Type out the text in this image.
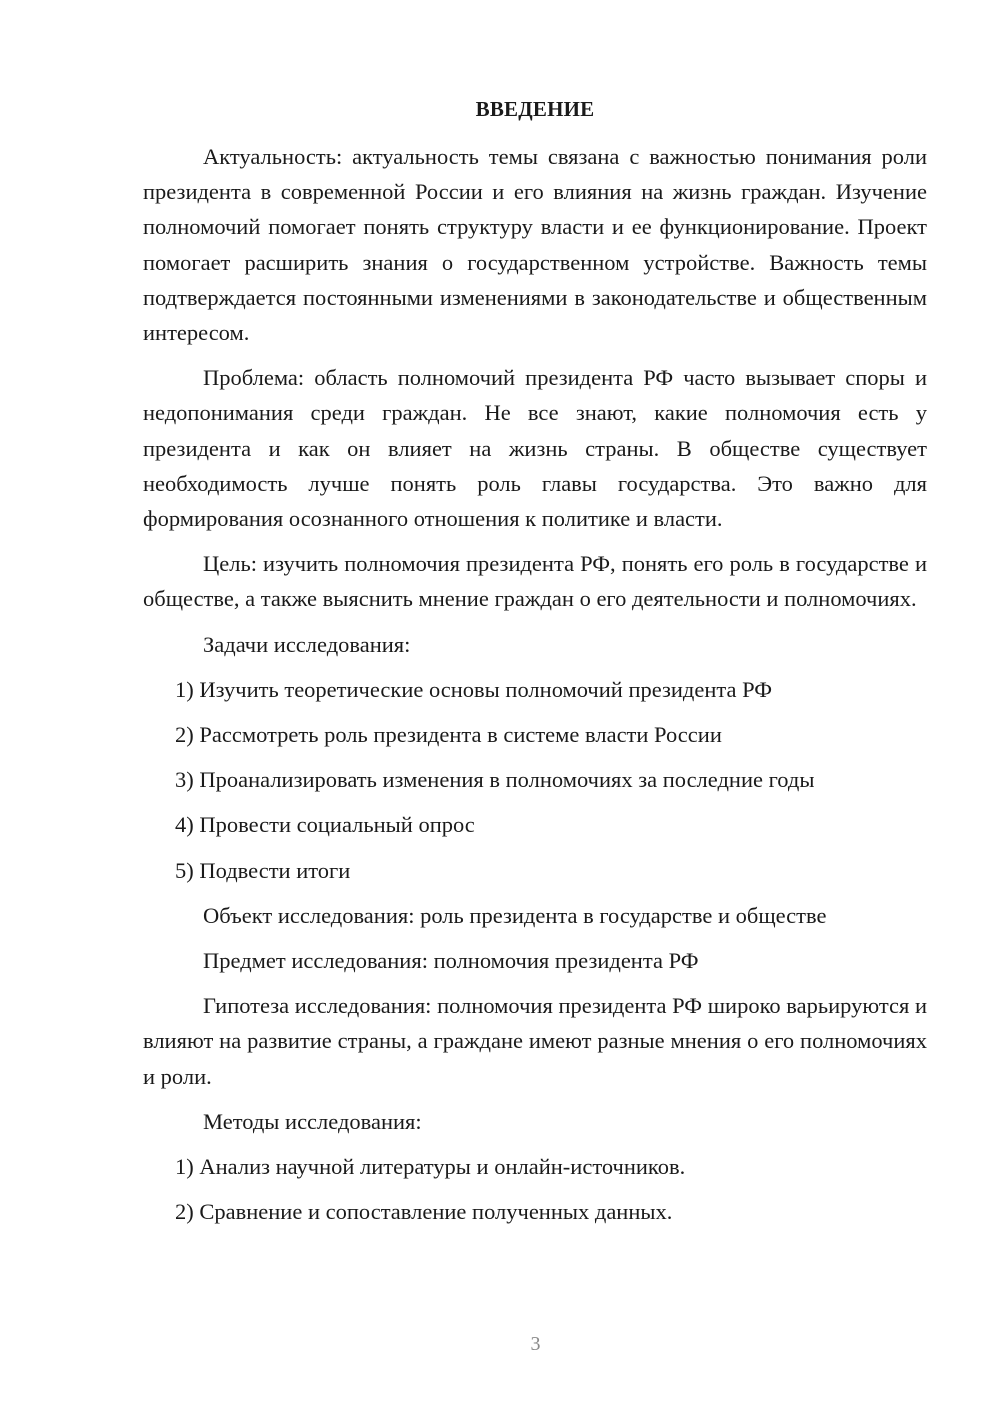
ВВЕДЕНИЕ

Актуальность: актуальность темы связана с важностью понимания роли президента в современной России и его влияния на жизнь граждан. Изучение полномочий помогает понять структуру власти и ее функционирование. Проект помогает расширить знания о государственном устройстве. Важность темы подтверждается постоянными изменениями в законодательстве и общественным интересом.

Проблема: область полномочий президента РФ часто вызывает споры и недопонимания среди граждан. Не все знают, какие полномочия есть у президента и как он влияет на жизнь страны. В обществе существует необходимость лучше понять роль главы государства. Это важно для формирования осознанного отношения к политике и власти.

Цель: изучить полномочия президента РФ, понять его роль в государстве и обществе, а также выяснить мнение граждан о его деятельности и полномочиях.

Задачи исследования:

1) Изучить теоретические основы полномочий президента РФ

2) Рассмотреть роль президента в системе власти России

3) Проанализировать изменения в полномочиях за последние годы

4) Провести социальный опрос

5) Подвести итоги

Объект исследования: роль президента в государстве и обществе

Предмет исследования: полномочия президента РФ

Гипотеза исследования: полномочия президента РФ широко варьируются и влияют на развитие страны, а граждане имеют разные мнения о его полномочиях и роли.

Методы исследования:

1) Анализ научной литературы и онлайн-источников.

2) Сравнение и сопоставление полученных данных.

3
